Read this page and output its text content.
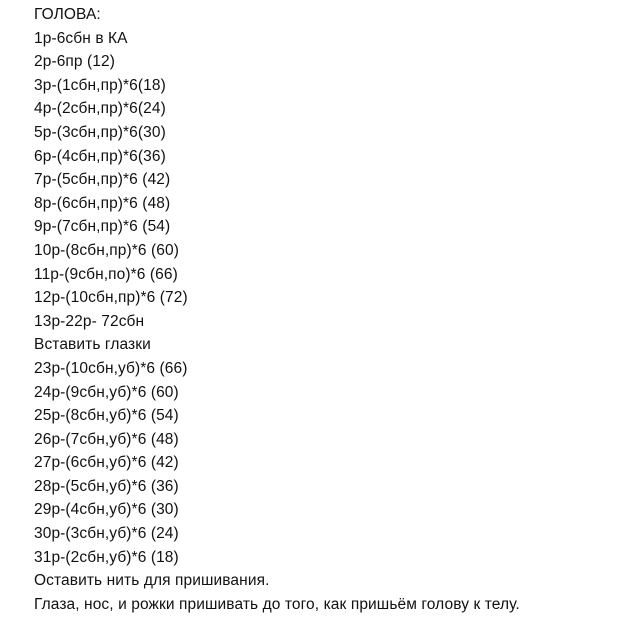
ГОЛОВА:
1р-6сбн в КА
2р-6пр (12)
3р-(1сбн,пр)*6(18)
4р-(2сбн,пр)*6(24)
5р-(3сбн,пр)*6(30)
6р-(4сбн,пр)*6(36)
7р-(5сбн,пр)*6 (42)
8р-(6сбн,пр)*6 (48)
9р-(7сбн,пр)*6 (54)
10р-(8сбн,пр)*6 (60)
11р-(9сбн,по)*6 (66)
12р-(10сбн,пр)*6 (72)
13р-22р- 72сбн
Вставить глазки
23р-(10сбн,уб)*6 (66)
24р-(9сбн,уб)*6 (60)
25р-(8сбн,уб)*6 (54)
26р-(7сбн,уб)*6 (48)
27р-(6сбн,уб)*6 (42)
28р-(5сбн,уб)*6 (36)
29р-(4сбн,уб)*6 (30)
30р-(3сбн,уб)*6 (24)
31р-(2сбн,уб)*6 (18)
Оставить нить для пришивания.
Глаза, нос, и рожки пришивать до того, как пришьём голову к телу.
